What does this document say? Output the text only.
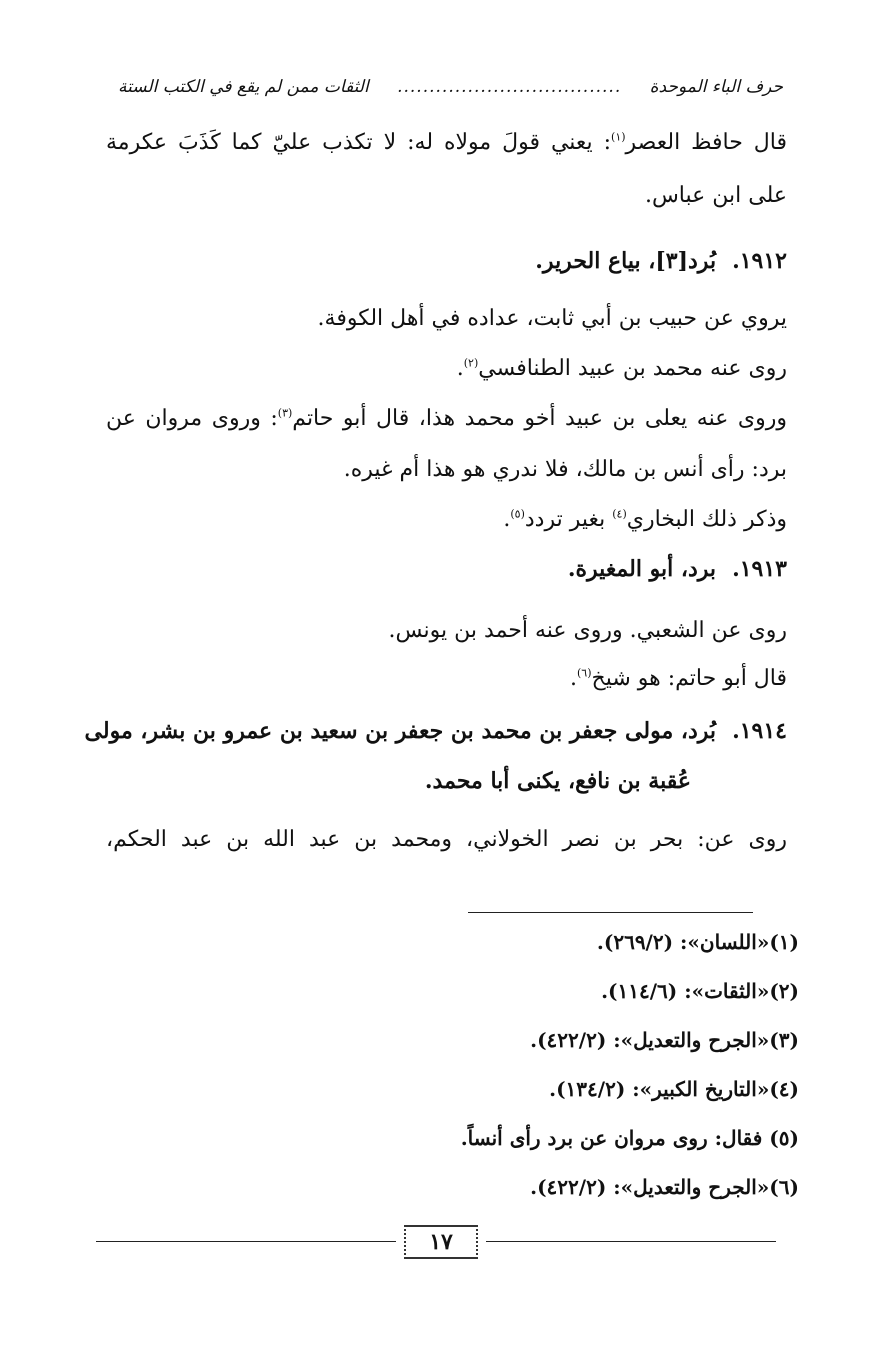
الثقات ممن لم يقع في الكتب الستة ................................... حرف الباء الموحدة
قال حافظ العصر$^{(١)}$: يعني قولَ مولاه له: لا تكذب عليّ كما كَذَبَ عكرمة
على ابن عباس.
١٩١٢.بُرد[٣]، بياع الحرير.
يروي عن حبيب بن أبي ثابت، عداده في أهل الكوفة.
روى عنه محمد بن عبيد الطنافسي$^{(٢)}$.
وروى عنه يعلى بن عبيد أخو محمد هذا، قال أبو حاتم$^{(٣)}$: وروى مروان عن
برد: رأى أنس بن مالك، فلا ندري هو هذا أم غيره.
وذكر ذلك البخاري$^{(٤)}$ بغير تردد$^{(٥)}$.
١٩١٣.برد، أبو المغيرة.
روى عن الشعبي. وروى عنه أحمد بن يونس.
قال أبو حاتم: هو شيخ$^{(٦)}$.
١٩١٤.بُرد، مولى جعفر بن محمد بن جعفر بن سعيد بن عمرو بن بشر، مولى
عُقبة بن نافع، يكنى أبا محمد.
روى عن: بحر بن نصر الخولاني، ومحمد بن عبد الله بن عبد الحكم،
(١)«اللسان»: (٢٦٩/٢).
(٢)«الثقات»: (١١٤/٦).
(٣)«الجرح والتعديل»: (٤٢٢/٢).
(٤)«التاريخ الكبير»: (١٣٤/٢).
(٥) فقال: روى مروان عن برد رأى أنساً.
(٦)«الجرح والتعديل»: (٤٢٢/٢).
١٧
